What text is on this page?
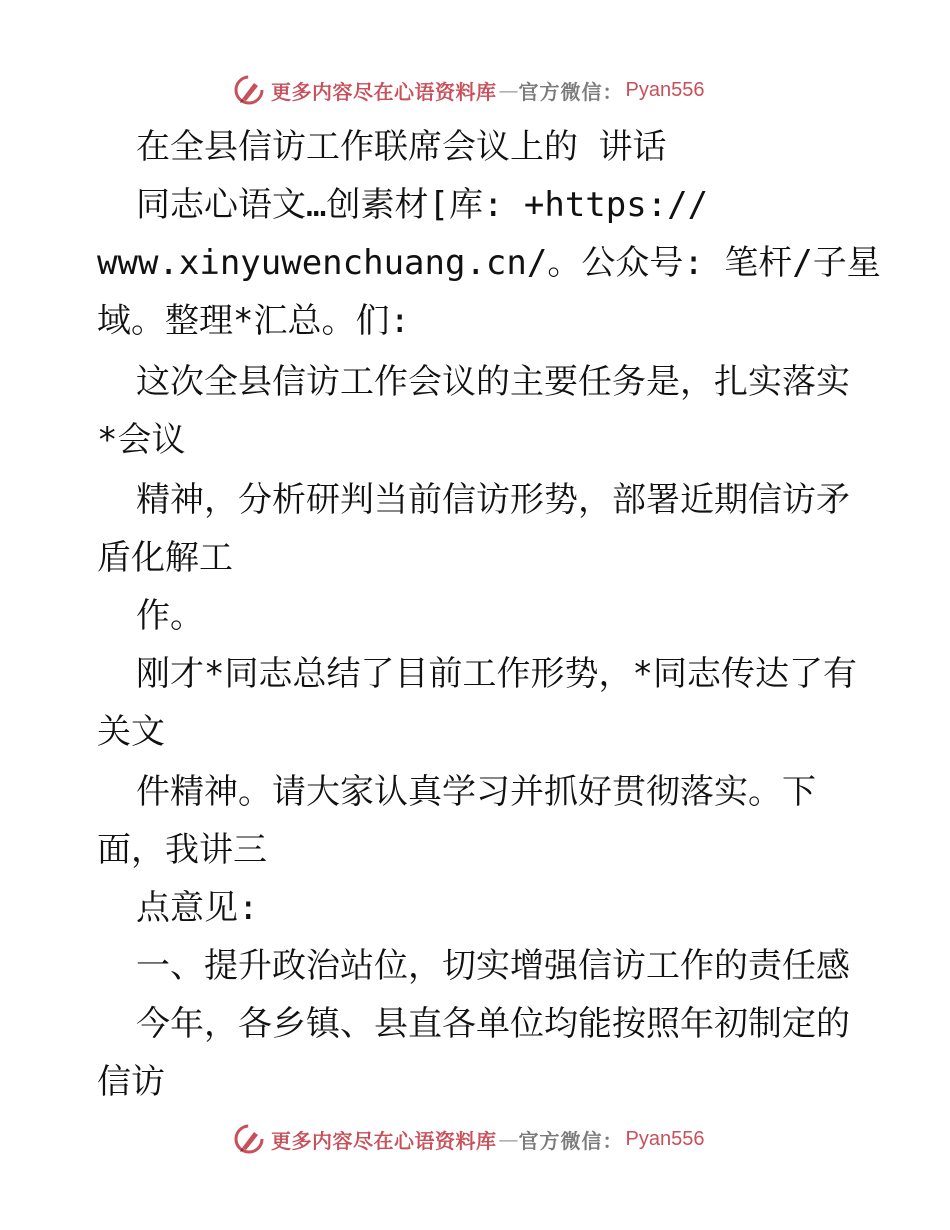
更多内容尽在心语资料库 — 官方微信： Pyan556

在全县信访工作联席会议上的 讲话

同志心语文…创素材[库: +https://

www.xinyuwenchuang.cn/。公众号: 笔杆/子星

域。整理*汇总。们:

这次全县信访工作会议的主要任务是，扎实落实

*会议

精神，分析研判当前信访形势，部署近期信访矛

盾化解工

作。

刚才*同志总结了目前工作形势，*同志传达了有

关文

件精神。请大家认真学习并抓好贯彻落实。下

面，我讲三

点意见:

一、提升政治站位，切实增强信访工作的责任感

今年，各乡镇、县直各单位均能按照年初制定的

信访

更多内容尽在心语资料库 — 官方微信： Pyan556
